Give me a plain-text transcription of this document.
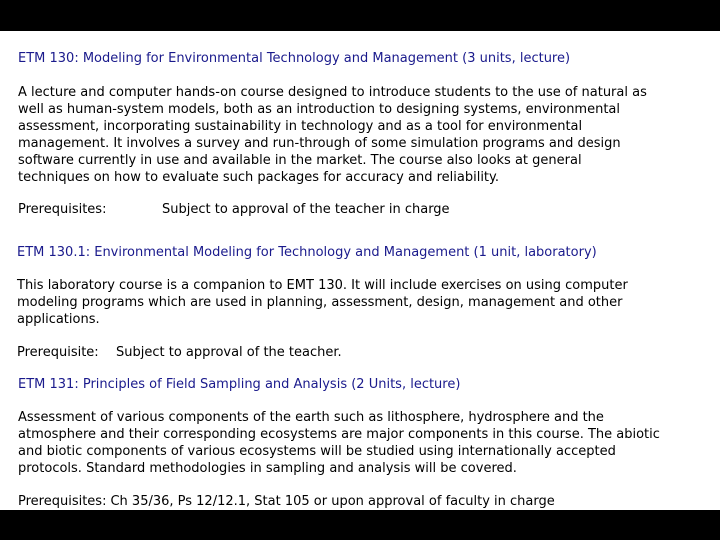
ETM 130: Modeling for Environmental Technology and Management (3 units, lecture)
A lecture and computer hands-on course designed to introduce students to the use of natural as
well as human-system models, both as an introduction to designing systems, environmental
assessment, incorporating sustainability in technology and as a tool for environmental
management. It involves a survey and run-through of some simulation programs and design
software currently in use and available in the market. The course also looks at general
techniques on how to evaluate such packages for accuracy and reliability.
Prerequisites:	Subject to approval of the teacher in charge
ETM 130.1: Environmental Modeling for Technology and Management (1 unit, laboratory)
This laboratory course is a companion to EMT 130. It will include exercises on using computer
modeling programs which are used in planning, assessment, design, management and other
applications.
Prerequisite: Subject to approval of the teacher.
ETM 131: Principles of Field Sampling and Analysis (2 Units, lecture)
Assessment of various components of the earth such as lithosphere, hydrosphere and the
atmosphere and their corresponding ecosystems are major components in this course. The abiotic
and biotic components of various ecosystems will be studied using internationally accepted
protocols. Standard methodologies in sampling and analysis will be covered.
Prerequisites: Ch 35/36, Ps 12/12.1, Stat 105 or upon approval of faculty in charge
